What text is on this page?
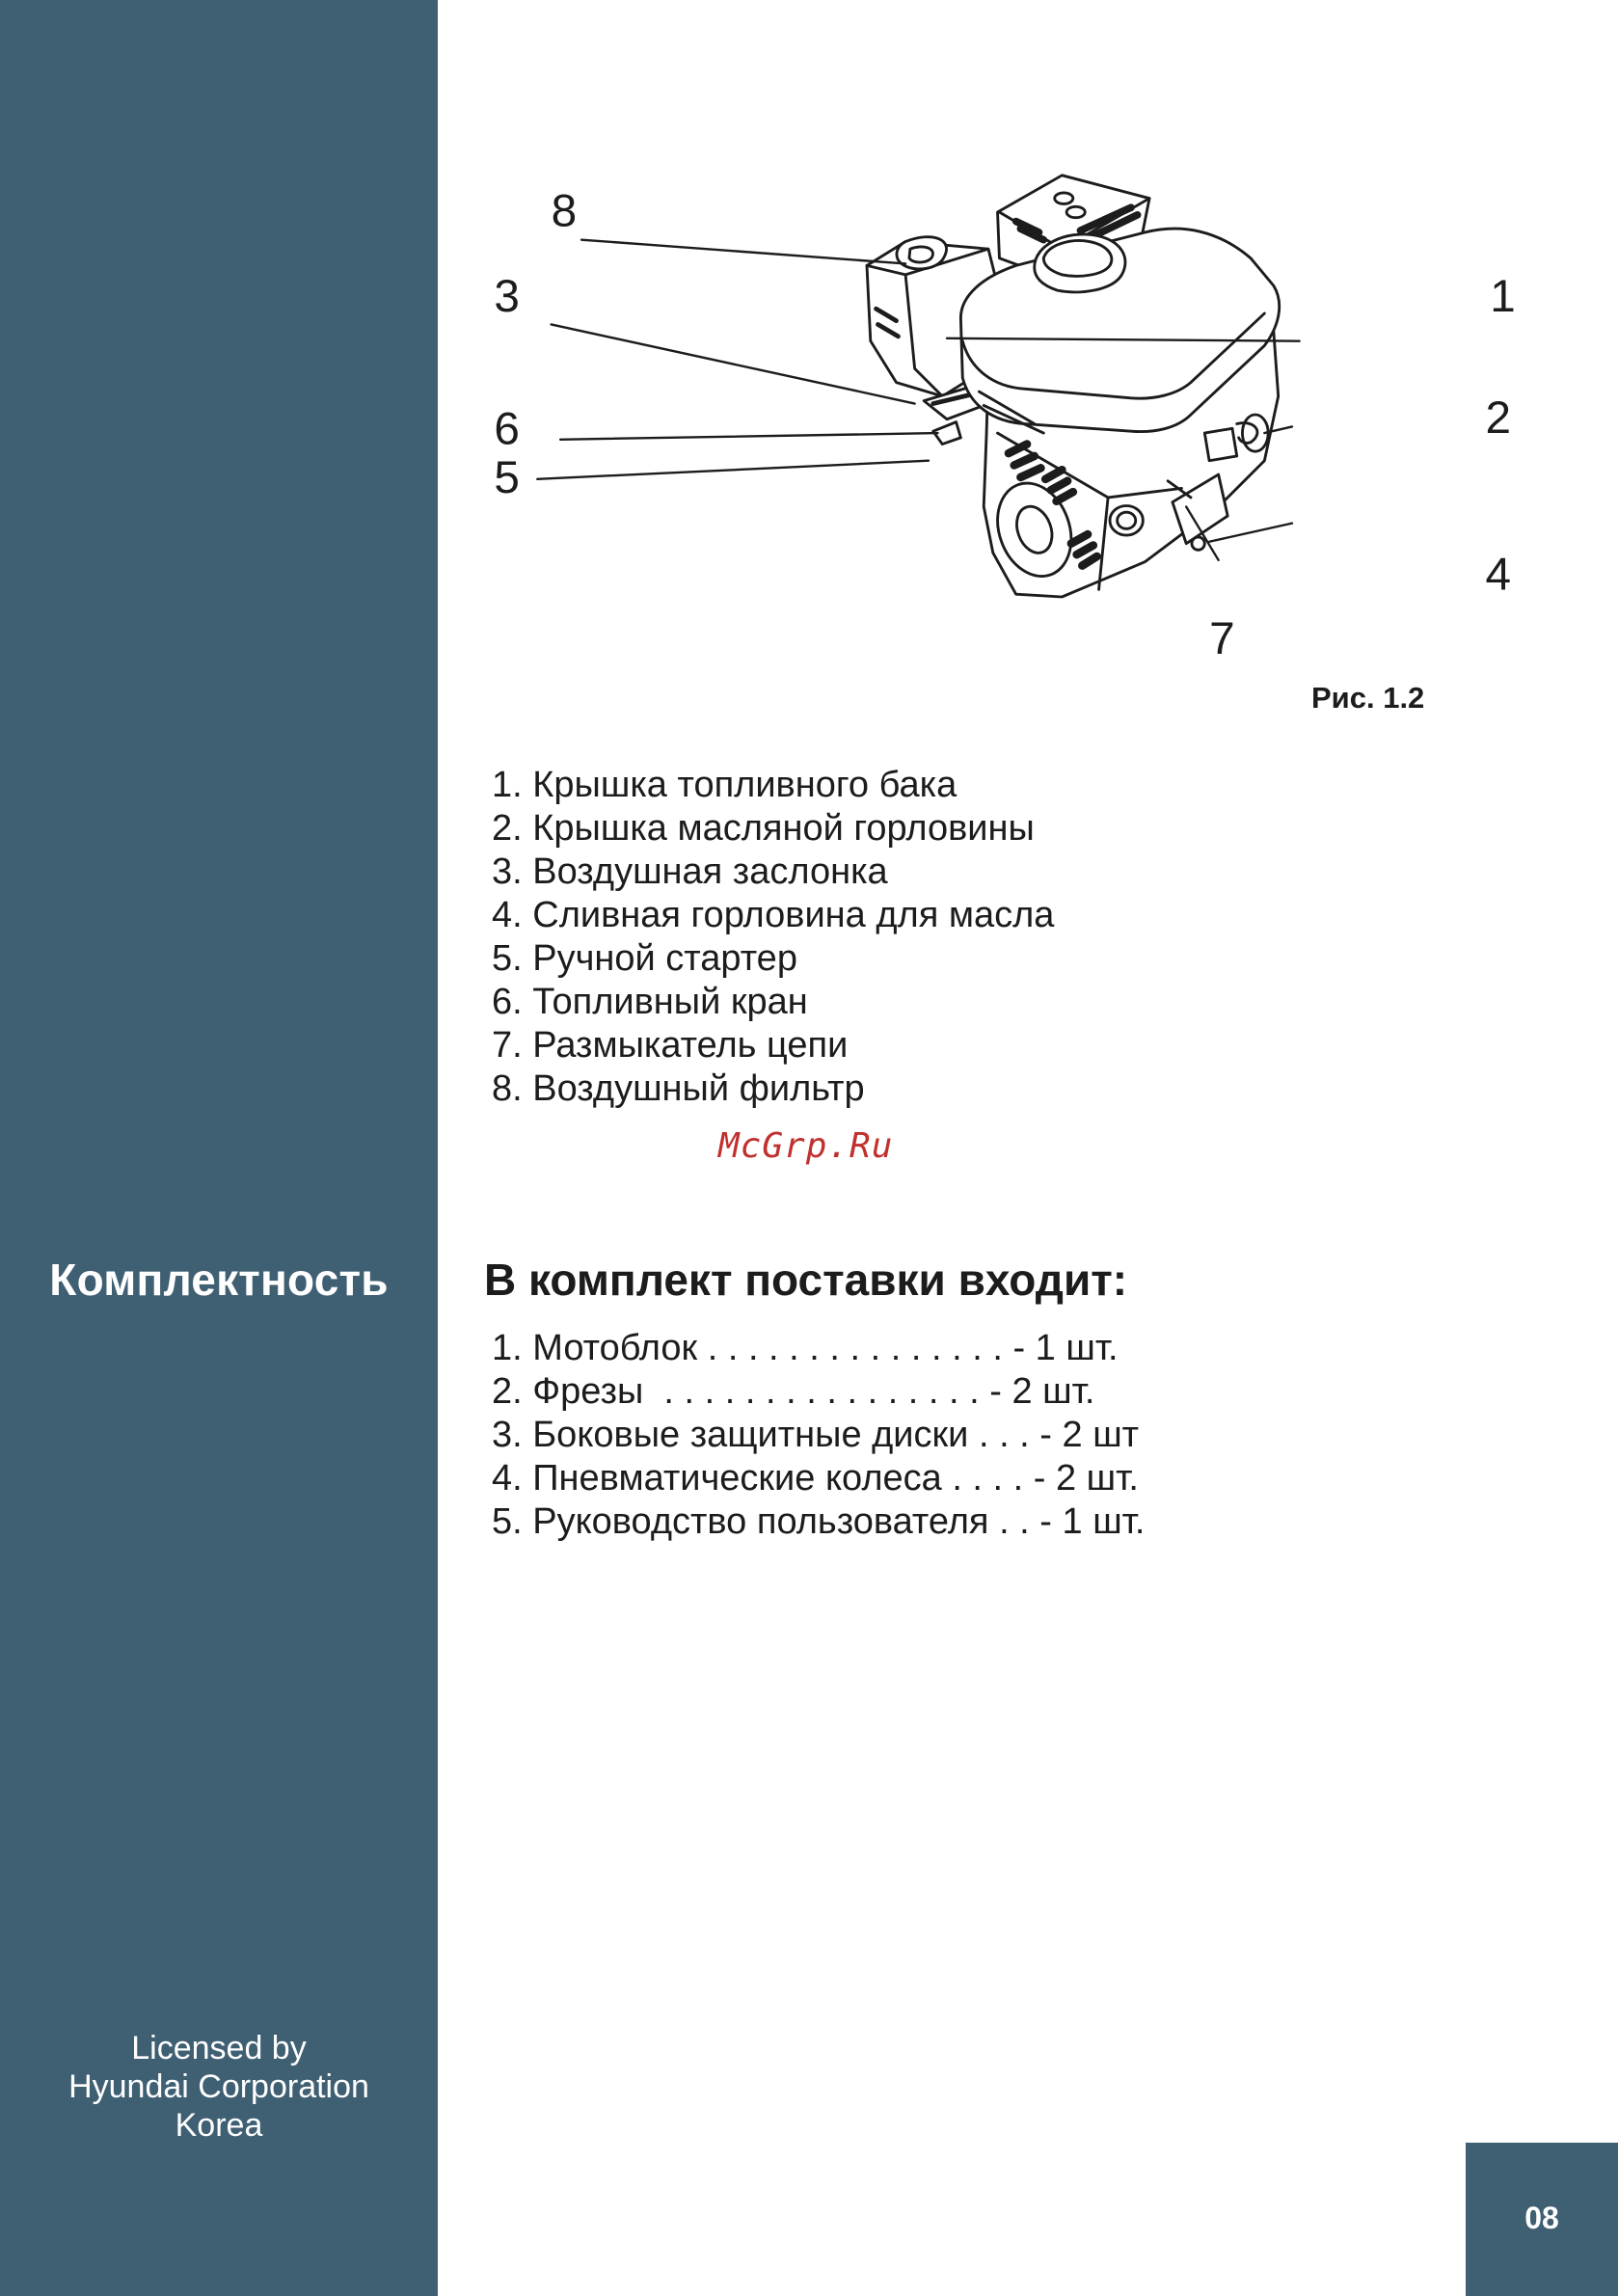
Комплектность
Licensed by
Hyundai Corporation
Korea
8
3
6
5
1
2
4
7
Рис. 1.2
1. Крышка топливного бака
2. Крышка масляной горловины
3. Воздушная заслонка
4. Сливная горловина для масла
5. Ручной стартер
6. Топливный кран
7. Размыкатель цепи
8. Воздушный фильтр
McGrp.Ru
В комплект поставки входит:
1. Мотоблок . . . . . . . . . . . . . . . - 1 шт.
2. Фрезы  . . . . . . . . . . . . . . . . - 2 шт.
3. Боковые защитные диски . . . - 2 шт
4. Пневматические колеса . . . . - 2 шт.
5. Руководство пользователя . . - 1 шт.
08
